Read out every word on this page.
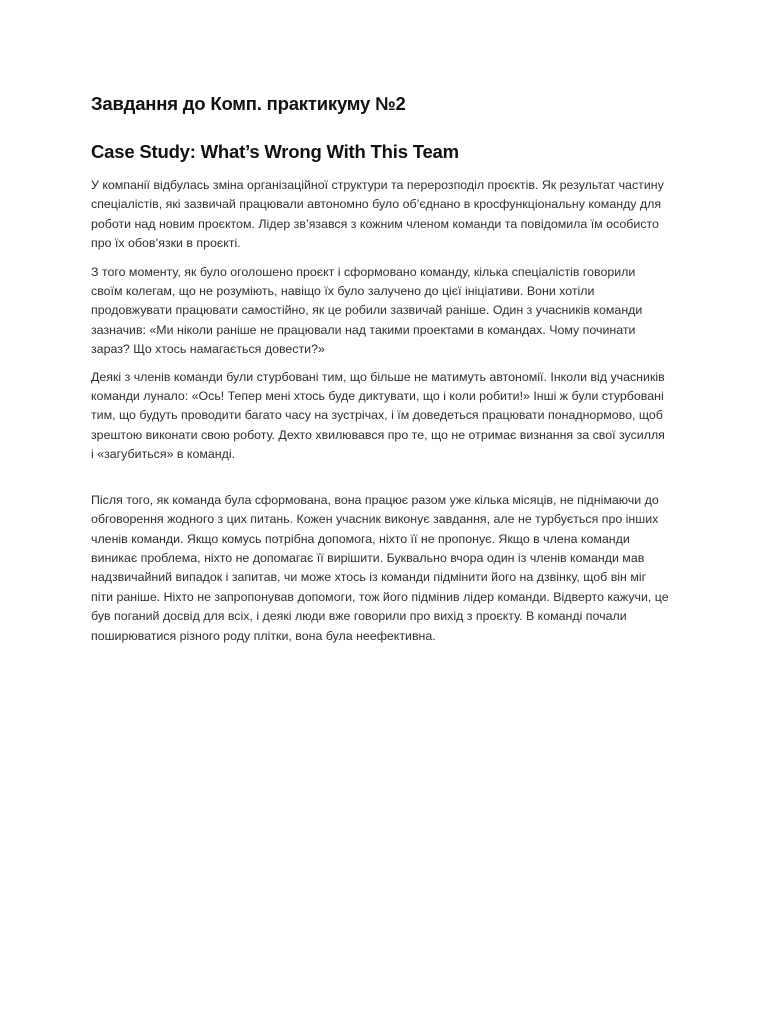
Завдання до Комп. практикуму №2
Case Study: What’s Wrong With This Team

У компанії відбулась зміна організаційної структури та перерозподіл проєктів. Як результат частину
спеціалістів, які зазвичай працювали автономно було об’єднано в кросфункціональну команду для
роботи над новим проєктом. Лідер зв’язався з кожним членом команди та повідомила їм особисто
про їх обов’язки в проєкті.

З того моменту, як було оголошено проєкт і сформовано команду, кілька спеціалістів говорили
своїм колегам, що не розуміють, навіщо їх було залучено до цієї ініціативи. Вони хотіли
продовжувати працювати самостійно, як це робили зазвичай раніше. Один з учасників команди
зазначив: «Ми ніколи раніше не працювали над такими проектами в командах. Чому починати
зараз? Що хтось намагається довести?»

Деякі з членів команди були стурбовані тим, що більше не матимуть автономії. Інколи від учасників
команди лунало: «Ось! Тепер мені хтось буде диктувати, що і коли робити!» Інші ж були стурбовані
тим, що будуть проводити багато часу на зустрічах, і їм доведеться працювати понаднормово, щоб
зрештою виконати свою роботу. Дехто хвилювався про те, що не отримає визнання за свої зусилля
і «загубиться» в команді.

Після того, як команда була сформована, вона працює разом уже кілька місяців, не піднімаючи до
обговорення жодного з цих питань. Кожен учасник виконує завдання, але не турбується про інших
членів команди. Якщо комусь потрібна допомога, ніхто її не пропонує. Якщо в члена команди
виникає проблема, ніхто не допомагає її вирішити. Буквально вчора один із членів команди мав
надзвичайний випадок і запитав, чи може хтось із команди підмінити його на дзвінку, щоб він міг
піти раніше. Ніхто не запропонував допомоги, тож його підмінив лідер команди. Відверто кажучи, це
був поганий досвід для всіх, і деякі люди вже говорили про вихід з проєкту. В команді почали
поширюватися різного роду плітки, вона була неефективна.
